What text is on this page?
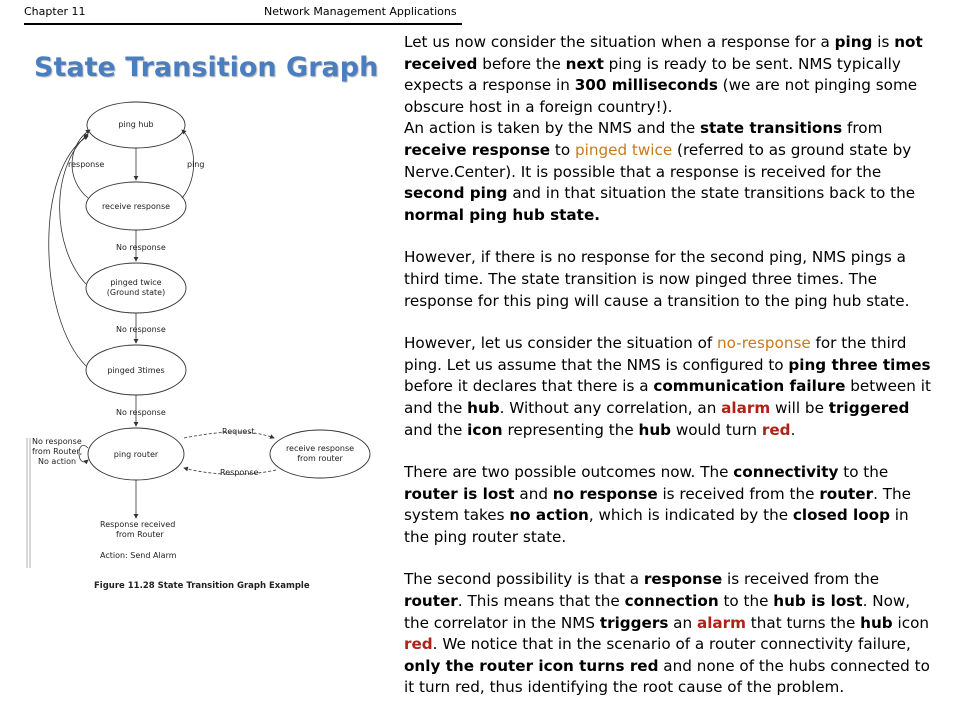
Chapter 11	Network Management Applications
State Transition Graph
ping hub
receive response
pinged twice
(Ground state)
pinged 3times
ping router
receive response
from router
No response
No response
No response
response	ping
No response
from Router,
No action
Request
Response
Response received
from Router
Action: Send Alarm
Figure 11.28 State Transition Graph Example

Let us now consider the situation when a response for a ping is not received before the next ping is ready to be sent. NMS typically expects a response in 300 milliseconds (we are not pinging some obscure host in a foreign country!).
An action is taken by the NMS and the state transitions from receive response to pinged twice (referred to as ground state by Nerve.Center). It is possible that a response is received for the second ping and in that situation the state transitions back to the normal ping hub state.

However, if there is no response for the second ping, NMS pings a third time. The state transition is now pinged three times. The response for this ping will cause a transition to the ping hub state.

However, let us consider the situation of no-response for the third ping. Let us assume that the NMS is configured to ping three times before it declares that there is a communication failure between it and the hub. Without any correlation, an alarm will be triggered and the icon representing the hub would turn red.

There are two possible outcomes now. The connectivity to the router is lost and no response is received from the router. The system takes no action, which is indicated by the closed loop in the ping router state.

The second possibility is that a response is received from the router. This means that the connection to the hub is lost. Now, the correlator in the NMS triggers an alarm that turns the hub icon red. We notice that in the scenario of a router connectivity failure, only the router icon turns red and none of the hubs connected to it turn red, thus identifying the root cause of the problem.
